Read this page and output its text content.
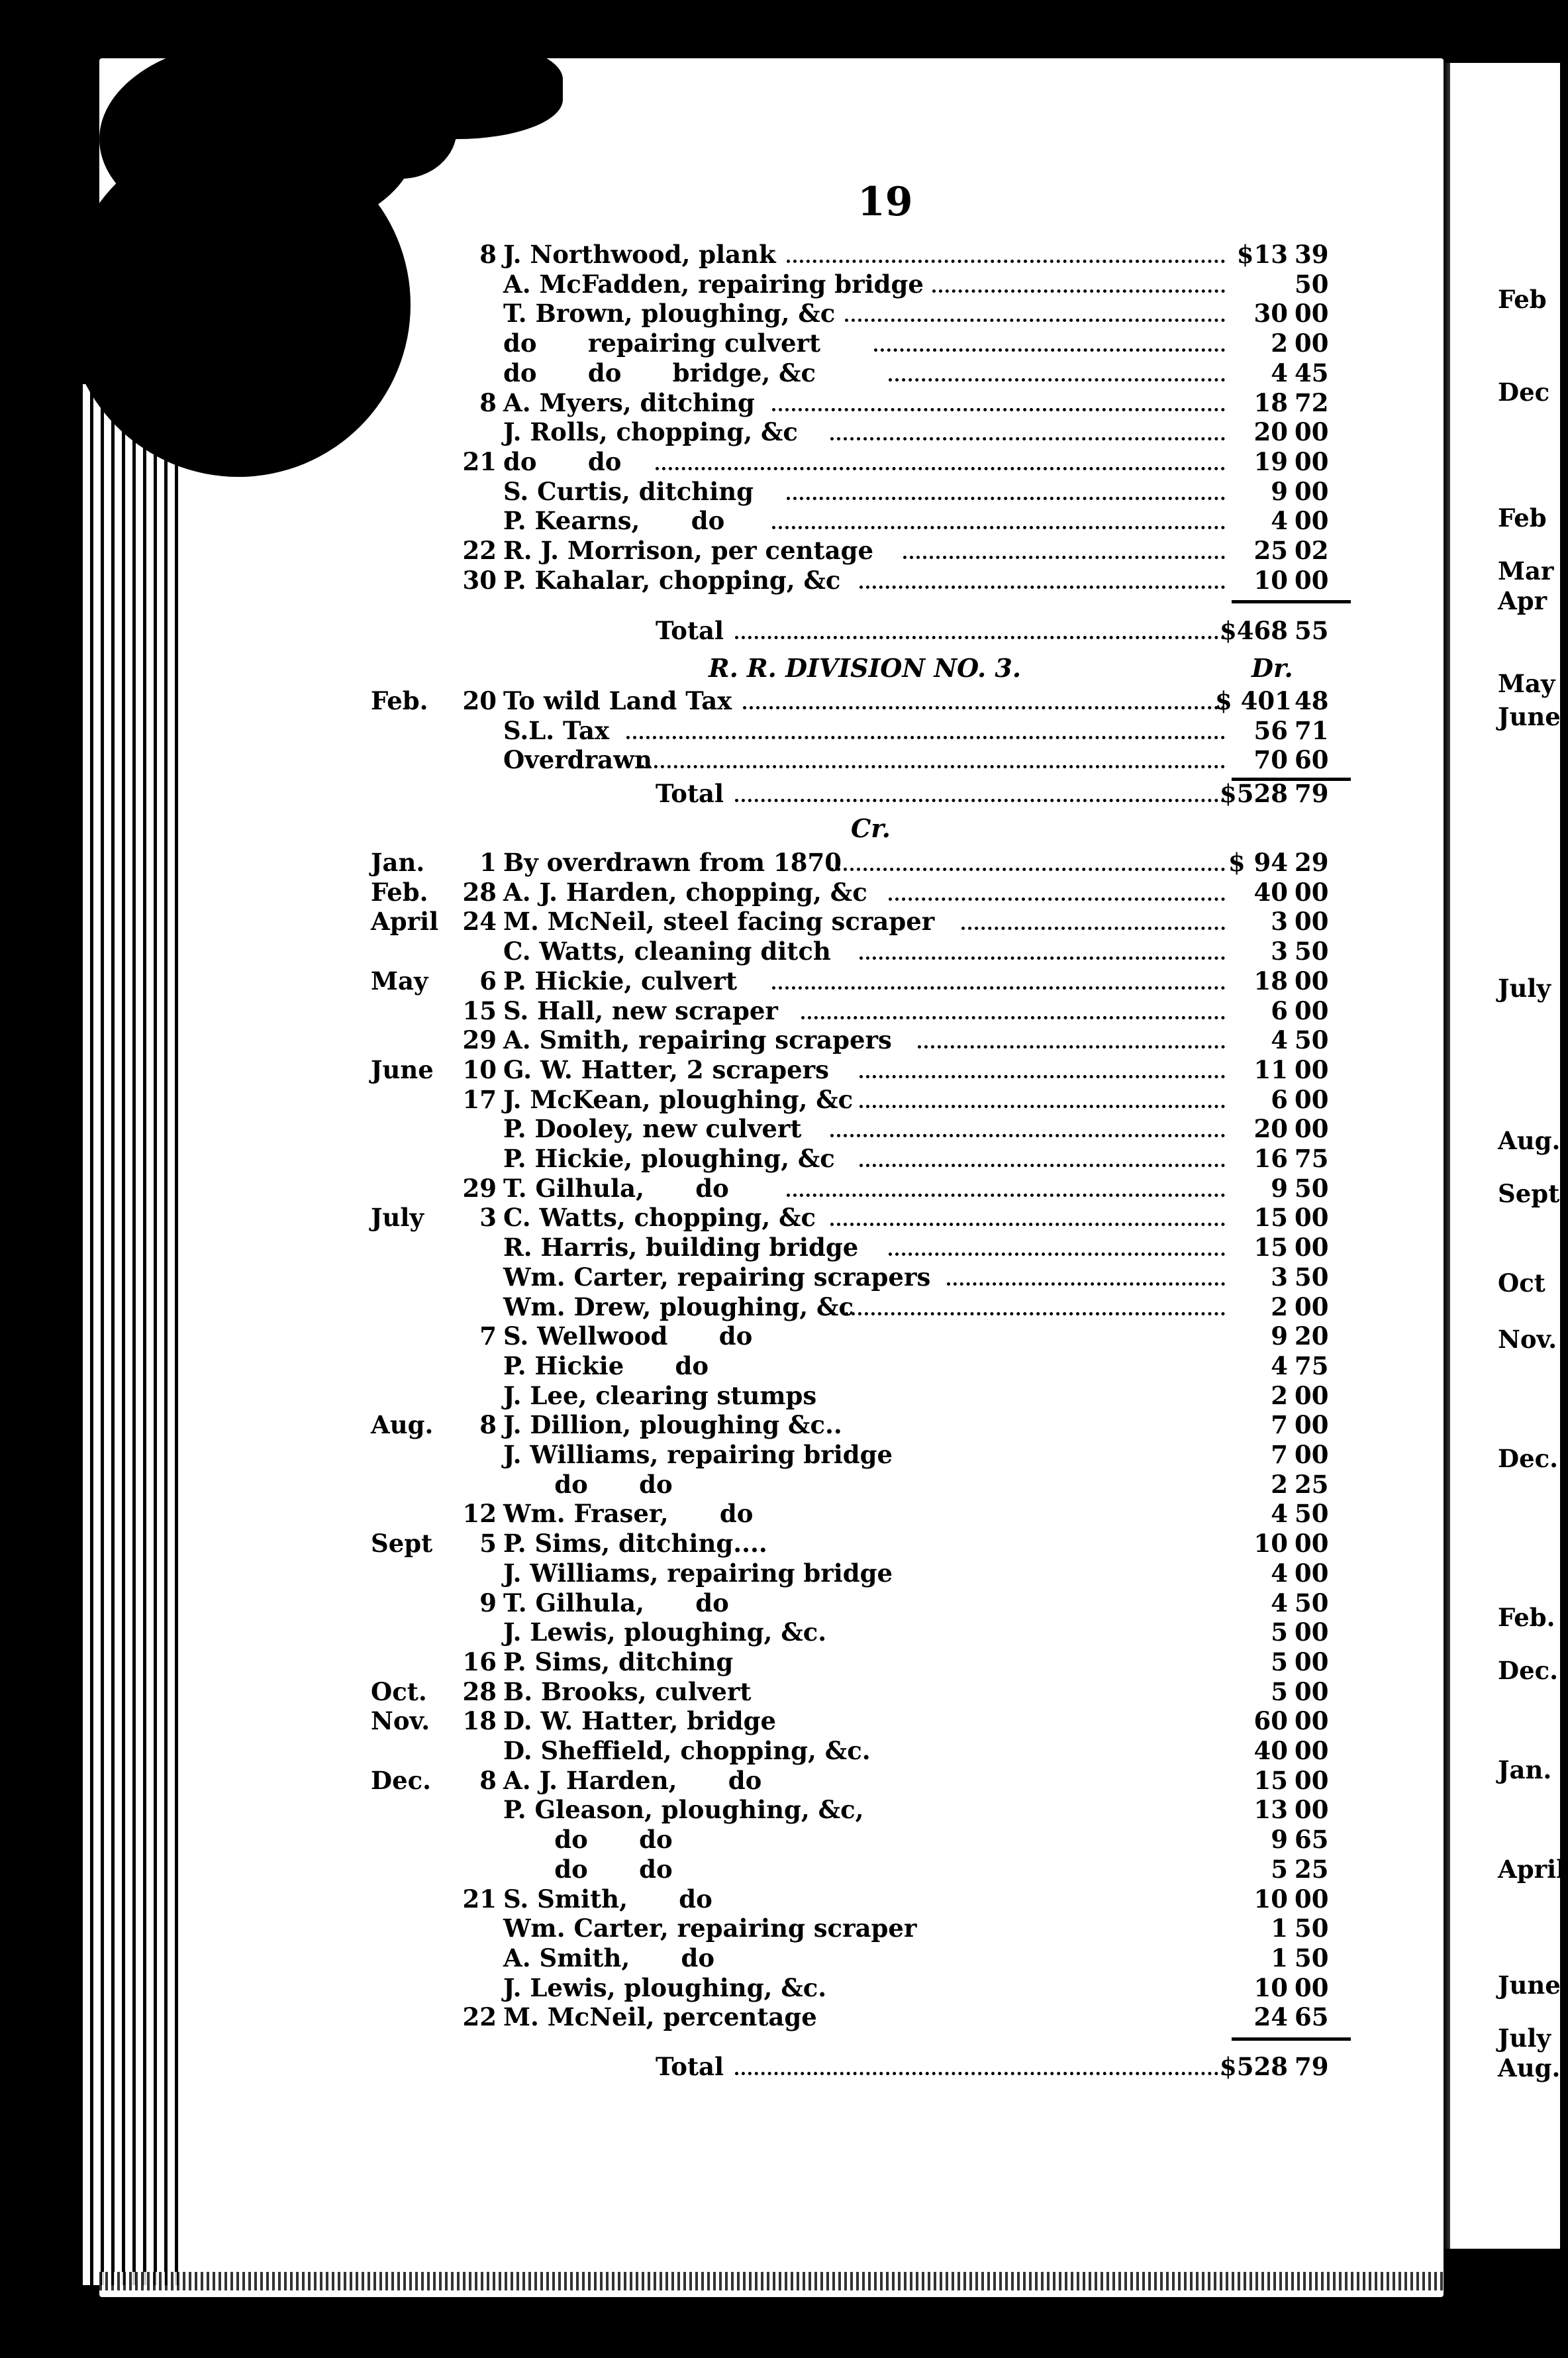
19
8 J. Northwood, plank	$13 39
A. McFadden, repairing bridge	50
T. Brown, ploughing, &c	30 00
do      repairing culvert	2 00
do      do      bridge, &c	4 45
8 A. Myers, ditching	18 72
J. Rolls, chopping, &c	20 00
21 do      do	19 00
S. Curtis, ditching	9 00
P. Kearns,      do	4 00
22 R. J. Morrison, per centage	25 02
30 P. Kahalar, chopping, &c	10 00
Total	$468 55
R. R. DIVISION NO. 3.	Dr.
Feb.	20 To wild Land Tax	$ 401 48
S.L. Tax	56 71
Overdrawn	70 60
Total	$528 79
Cr.
Jan.	1 By overdrawn from 1870	$ 94 29
Feb.	28 A. J. Harden, chopping, &c	40 00
April 24 M. McNeil, steel facing scraper	3 00
C. Watts, cleaning ditch	3 50
May	6 P. Hickie, culvert	18 00
15 S. Hall, new scraper	6 00
29 A. Smith, repairing scrapers	4 50
June	10 G. W. Hatter, 2 scrapers	11 00
17 J. McKean, ploughing, &c	6 00
P. Dooley, new culvert	20 00
P. Hickie, ploughing, &c	16 75
29 T. Gilhula,      do	9 50
July	3 C. Watts, chopping, &c	15 00
R. Harris, building bridge	15 00
Wm. Carter, repairing scrapers	3 50
Wm. Drew, ploughing, &c	2 00
7 S. Wellwood      do	9 20
P. Hickie      do	4 75
J. Lee, clearing stumps	2 00
Aug.	8 J. Dillion, ploughing &c..	7 00
J. Williams, repairing bridge	7 00
do      do	2 25
12 Wm. Fraser,      do	4 50
Sept	5 P. Sims, ditching....	10 00
J. Williams, repairing bridge	4 00
9 T. Gilhula,      do	4 50
J. Lewis, ploughing, &c.	5 00
16 P. Sims, ditching	5 00
Oct.	28 B. Brooks, culvert	5 00
Nov.	18 D. W. Hatter, bridge	60 00
D. Sheffield, chopping, &c.	40 00
Dec.	8 A. J. Harden,      do	15 00
P. Gleason, ploughing, &c,	13 00
do      do	9 65
do      do	5 25
21 S. Smith,      do	10 00
Wm. Carter, repairing scraper	1 50
A. Smith,      do	1 50
J. Lewis, ploughing, &c.	10 00
22 M. McNeil, percentage	24 65
Total	$528 79
Feb
Dec
Feb
Mar
Apr
May
June
July
Aug.
Sept.
Oct
Nov.
Dec.
Feb.
Dec.
Jan.
April
June
July
Aug.
